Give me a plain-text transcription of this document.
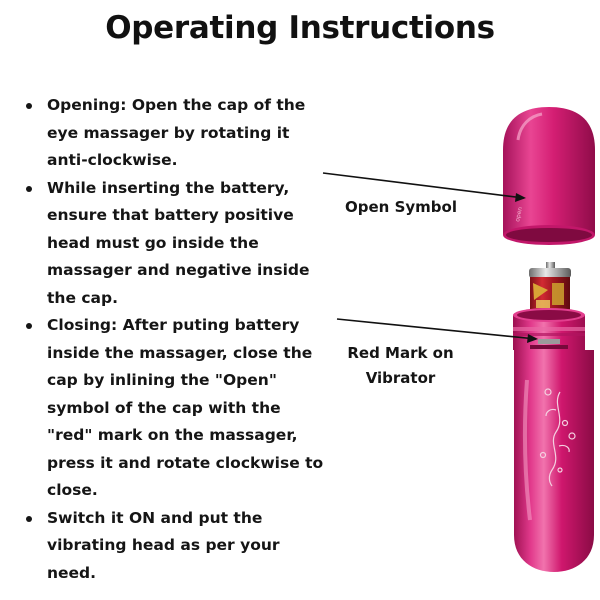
Operating Instructions
Opening: Open the cap of the eye massager by rotating it anti-clockwise.
While inserting the battery, ensure that battery positive head must go inside the massager and negative inside the cap.
Closing: After puting battery inside the massager, close the cap by inlining the "Open" symbol of the cap with the "red" mark on the massager, press it and rotate clockwise to close.
Switch it ON and put the vibrating head as per your need.
Open Symbol
Red Mark on
Vibrator
open
